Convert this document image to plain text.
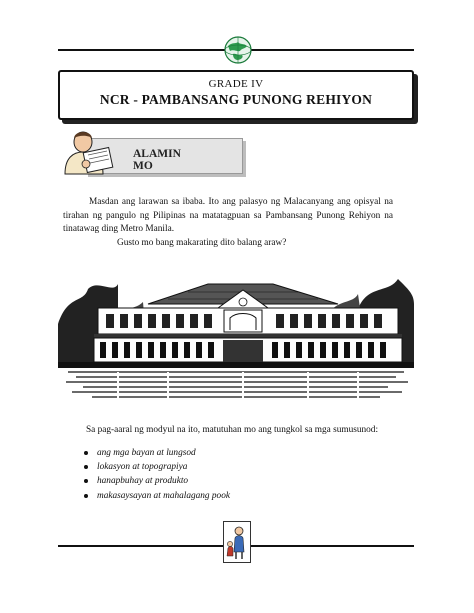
GRADE IV
NCR - PAMBANSANG PUNONG REHIYON
ALAMIN MO
Masdan ang larawan sa ibaba. Ito ang palasyo ng Malacanyang ang opisyal na tirahan ng pangulo ng Pilipinas na matatagpuan sa Pambansang Punong Rehiyon na tinatawag ding Metro Manila.
Gusto mo bang makarating dito balang araw?
Sa pag-aaral ng modyul na ito, matutuhan mo ang tungkol sa mga sumusunod:
ang mga bayan at lungsod
lokasyon at topograpiya
hanapbuhay at produkto
makasaysayan at mahalagang pook
